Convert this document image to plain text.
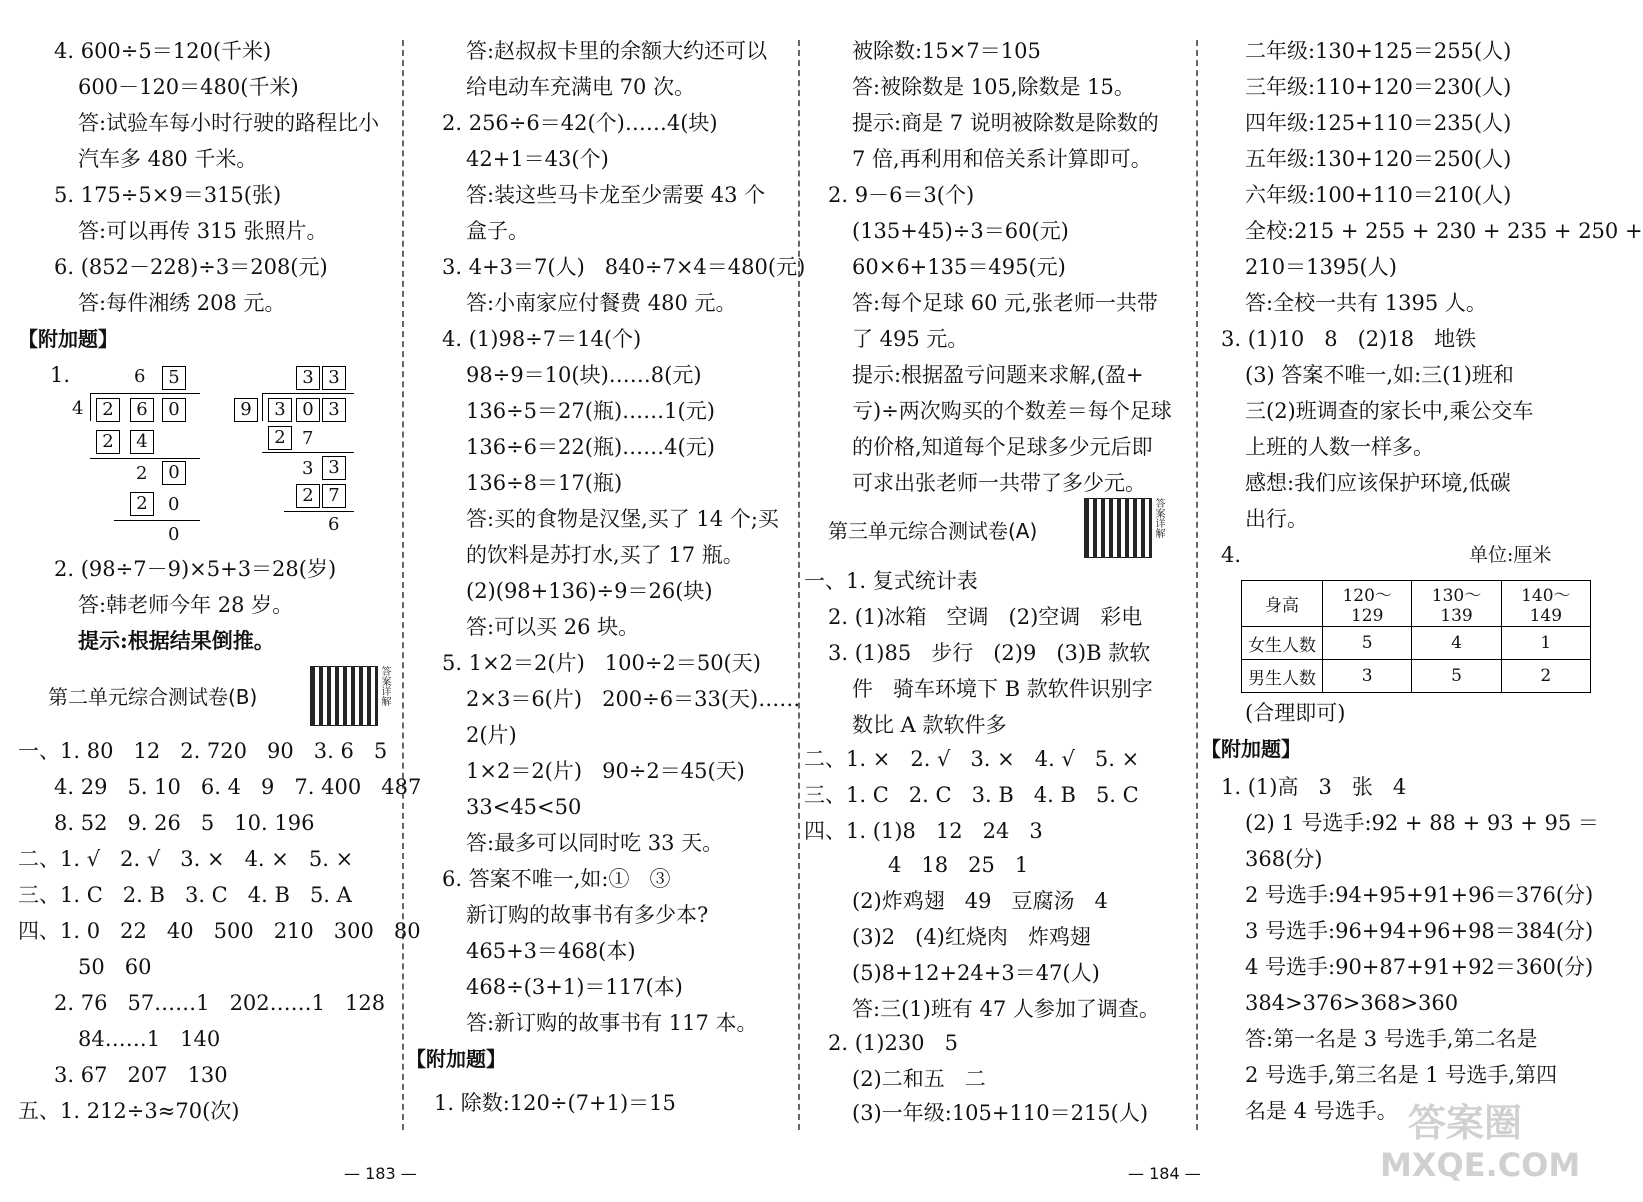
4. 600÷5＝120(千米)
600－120＝480(千米)
答:试验车每小时行驶的路程比小
汽车多 480 千米。
5. 175÷5×9＝315(张)
答:可以再传 315 张照片。
6. (852－228)÷3＝208(元)
答:每件湘绣 208 元。
【附加题】
1.	6	5
4	2	6	0
2	4
2	0
2	0
0
3 3
9	3 0 3
2 7
3 3
2 7
6
2. (98÷7－9)×5+3＝28(岁)
答:韩老师今年 28 岁。
提示:根据结果倒推。
第二单元综合测试卷(B)	答案详解
一、1. 80   12   2. 720   90   3. 6   5
4. 29   5. 10   6. 4   9   7. 400   487
8. 52   9. 26   5   10. 196
二、1. √   2. √   3. ×   4. ×   5. ×
三、1. C   2. B   3. C   4. B   5. A
四、1. 0   22   40   500   210   300   80
50   60
2. 76   57……1   202……1   128
84……1   140
3. 67   207   130
五、1. 212÷3≈70(次)
答:赵叔叔卡里的余额大约还可以
给电动车充满电 70 次。
2. 256÷6＝42(个)……4(块)
42+1＝43(个)
答:装这些马卡龙至少需要 43 个
盒子。
3. 4+3＝7(人)   840÷7×4＝480(元)
答:小南家应付餐费 480 元。
4. (1)98÷7＝14(个)
98÷9＝10(块)……8(元)
136÷5＝27(瓶)……1(元)
136÷6＝22(瓶)……4(元)
136÷8＝17(瓶)
答:买的食物是汉堡,买了 14 个;买
的饮料是苏打水,买了 17 瓶。
(2)(98+136)÷9＝26(块)
答:可以买 26 块。
5. 1×2＝2(片)   100÷2＝50(天)
2×3＝6(片)   200÷6＝33(天)……
2(片)
1×2＝2(片)   90÷2＝45(天)
33<45<50
答:最多可以同时吃 33 天。
6. 答案不唯一,如:①   ③
新订购的故事书有多少本?
465+3＝468(本)
468÷(3+1)＝117(本)
答:新订购的故事书有 117 本。
【附加题】
1. 除数:120÷(7+1)＝15
被除数:15×7＝105
答:被除数是 105,除数是 15。
提示:商是 7 说明被除数是除数的
7 倍,再利用和倍关系计算即可。
2. 9－6＝3(个)
(135+45)÷3＝60(元)
60×6+135＝495(元)
答:每个足球 60 元,张老师一共带
了 495 元。
提示:根据盈亏问题来求解,(盈+
亏)÷两次购买的个数差＝每个足球
的价格,知道每个足球多少元后即
可求出张老师一共带了多少元。
第三单元综合测试卷(A)	答案详解
一、1. 复式统计表
2. (1)冰箱   空调   (2)空调   彩电
3. (1)85   步行   (2)9   (3)B 款软
件   骑车环境下 B 款软件识别字
数比 A 款软件多
二、1. ×   2. √   3. ×   4. √   5. ×
三、1. C   2. C   3. B   4. B   5. C
四、1. (1)8   12   24   3
4   18   25   1
(2)炸鸡翅   49   豆腐汤   4
(3)2   (4)红烧肉   炸鸡翅
(5)8+12+24+3＝47(人)
答:三(1)班有 47 人参加了调查。
2. (1)230   5
(2)二和五   二
(3)一年级:105+110＝215(人)
二年级:130+125＝255(人)
三年级:110+120＝230(人)
四年级:125+110＝235(人)
五年级:130+120＝250(人)
六年级:100+110＝210(人)
全校:215 + 255 + 230 + 235 + 250 +
210＝1395(人)
答:全校一共有 1395 人。
3. (1)10   8   (2)18   地铁
(3) 答案不唯一,如:三(1)班和
三(2)班调查的家长中,乘公交车
上班的人数一样多。
感想:我们应该保护环境,低碳
出行。
4.	单位:厘米
身高	120～129	130～139	140～149
女生人数	5	4	1
男生人数	3	5	2
(合理即可)
【附加题】
1. (1)高   3   张   4
(2) 1 号选手:92 + 88 + 93 + 95 ＝
368(分)
2 号选手:94+95+91+96＝376(分)
3 号选手:96+94+96+98＝384(分)
4 号选手:90+87+91+92＝360(分)
384>376>368>360
答:第一名是 3 号选手,第二名是
2 号选手,第三名是 1 号选手,第四
名是 4 号选手。
— 183 —	— 184 —
答案圈
MXQE.COM
